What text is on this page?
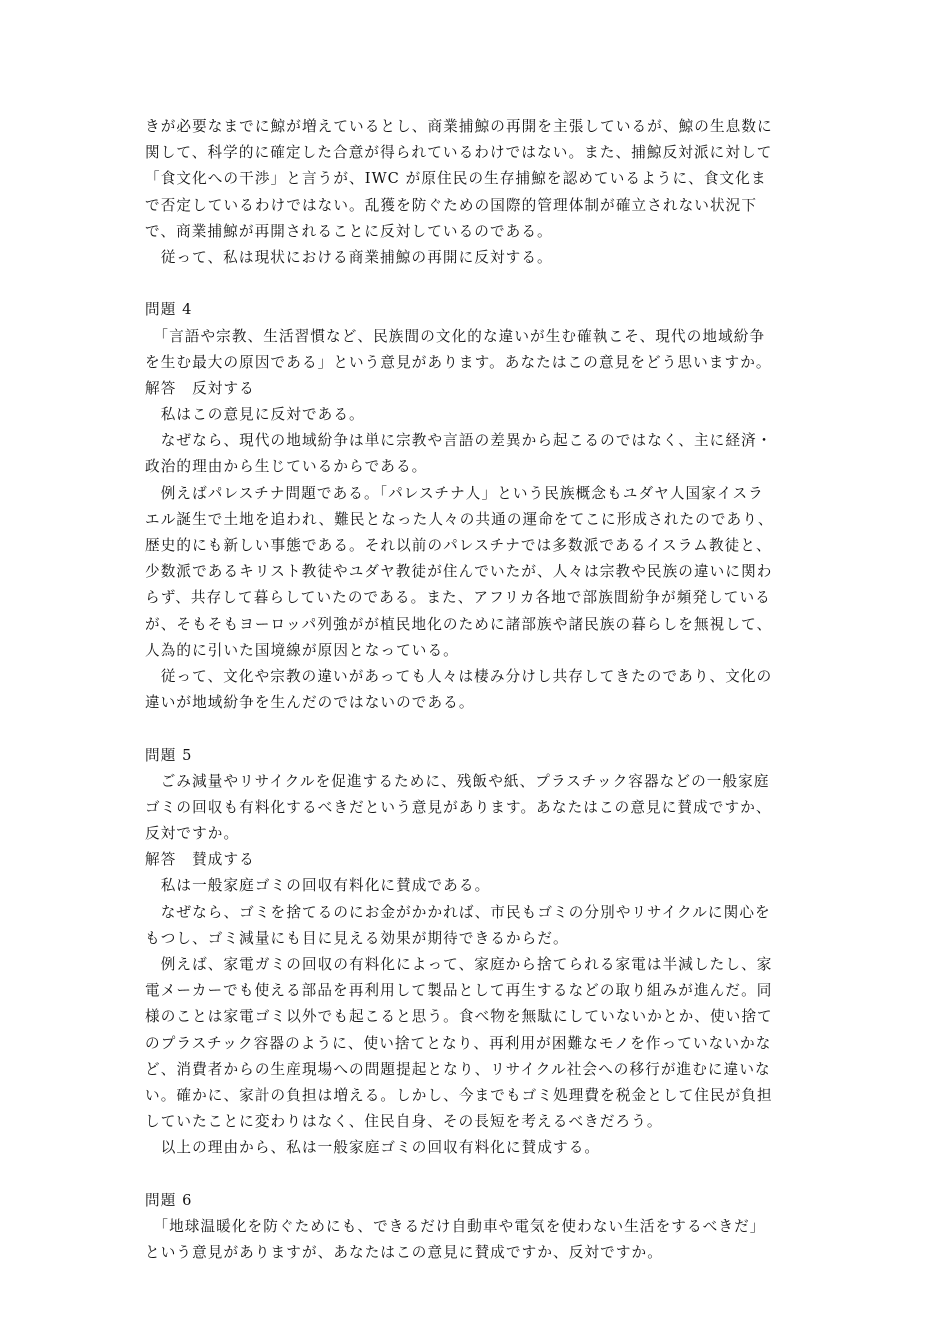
きが必要なまでに鯨が増えているとし、商業捕鯨の再開を主張しているが、鯨の生息数に
関して、科学的に確定した合意が得られているわけではない。また、捕鯨反対派に対して
「食文化への干渉」と言うが、IWC が原住民の生存捕鯨を認めているように、食文化ま
で否定しているわけではない。乱獲を防ぐための国際的管理体制が確立されない状況下
で、商業捕鯨が再開されることに反対しているのである。
　従って、私は現状における商業捕鯨の再開に反対する。
問題 4
　「言語や宗教、生活習慣など、民族間の文化的な違いが生む確執こそ、現代の地域紛争
を生む最大の原因である」という意見があります。あなたはこの意見をどう思いますか。
解答　反対する
　私はこの意見に反対である。
　なぜなら、現代の地域紛争は単に宗教や言語の差異から起こるのではなく、主に経済・
政治的理由から生じているからである。
　例えばパレスチナ問題である。「パレスチナ人」という民族概念もユダヤ人国家イスラ
エル誕生で土地を追われ、難民となった人々の共通の運命をてこに形成されたのであり、
歴史的にも新しい事態である。それ以前のパレスチナでは多数派であるイスラム教徒と、
少数派であるキリスト教徒やユダヤ教徒が住んでいたが、人々は宗教や民族の違いに関わ
らず、共存して暮らしていたのである。また、アフリカ各地で部族間紛争が頻発している
が、そもそもヨーロッパ列強がが植民地化のために諸部族や諸民族の暮らしを無視して、
人為的に引いた国境線が原因となっている。
　従って、文化や宗教の違いがあっても人々は棲み分けし共存してきたのであり、文化の
違いが地域紛争を生んだのではないのである。
問題 5
　ごみ減量やリサイクルを促進するために、残飯や紙、プラスチック容器などの一般家庭
ゴミの回収も有料化するべきだという意見があります。あなたはこの意見に賛成ですか、
反対ですか。
解答　賛成する
　私は一般家庭ゴミの回収有料化に賛成である。
　なぜなら、ゴミを捨てるのにお金がかかれば、市民もゴミの分別やリサイクルに関心を
もつし、ゴミ減量にも目に見える効果が期待できるからだ。
　例えば、家電ガミの回収の有料化によって、家庭から捨てられる家電は半減したし、家
電メーカーでも使える部品を再利用して製品として再生するなどの取り組みが進んだ。同
様のことは家電ゴミ以外でも起こると思う。食べ物を無駄にしていないかとか、使い捨て
のプラスチック容器のように、使い捨てとなり、再利用が困難なモノを作っていないかな
ど、消費者からの生産現場への問題提起となり、リサイクル社会への移行が進むに違いな
い。確かに、家計の負担は増える。しかし、今までもゴミ処理費を税金として住民が負担
していたことに変わりはなく、住民自身、その長短を考えるべきだろう。
　以上の理由から、私は一般家庭ゴミの回収有料化に賛成する。
問題 6
　「地球温暖化を防ぐためにも、できるだけ自動車や電気を使わない生活をするべきだ」
という意見がありますが、あなたはこの意見に賛成ですか、反対ですか。
